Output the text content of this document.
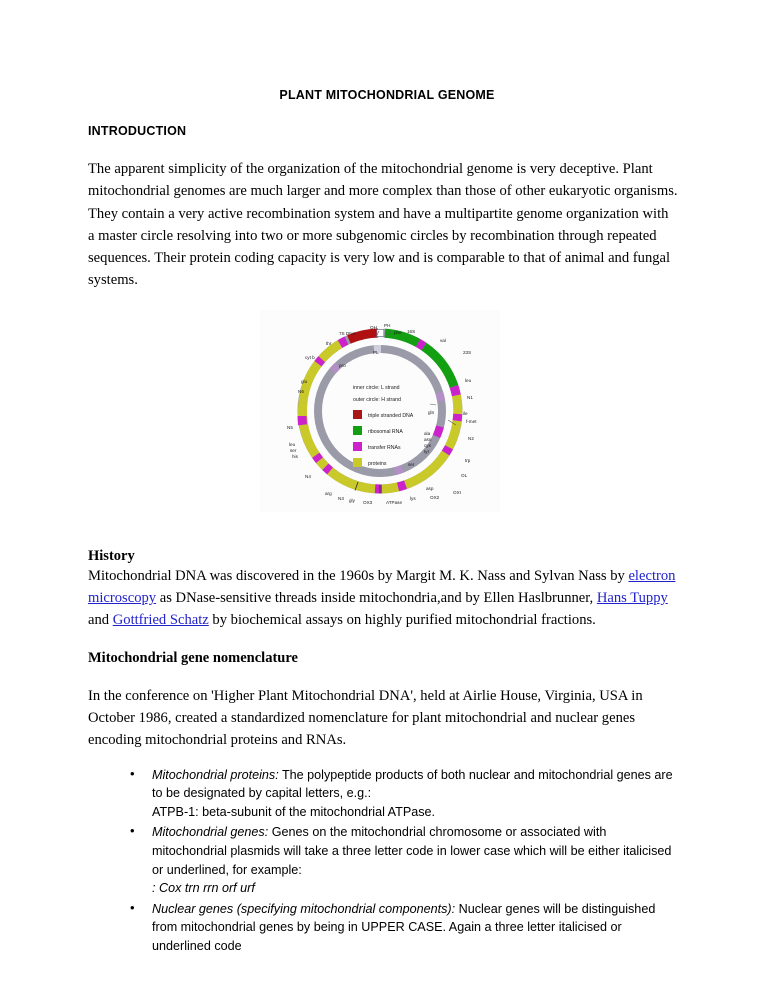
PLANT MITOCHONDRIAL GENOME
INTRODUCTION

The apparent simplicity of the organization of the mitochondrial genome is very deceptive. Plant mitochondrial genomes are much larger and more complex than those of other eukaryotic organisms. They contain a very active recombination system and have a multipartite genome organization with a master circle resolving into two or more subgenomic circles by recombination through repeated sequences. Their protein coding capacity is very low and is comparable to that of animal and fungal systems.

OH PH
7S DNA	phe 16S
val
23S
leu
N1
ile
f-met
N2
trp
OL
OXI
asp
OX2
lys
ATPase
OX3
gly
N3
arg
N4
his
ser
leu
N5
N6
glu
cyt b
thr
PL
pro
gln
ala
asn
cys
tyr
ser
inner circle: L strand
outer circle: H strand
triple stranded DNA
ribosomal RNA
transfer RNAs
proteins
History

Mitochondrial DNA was discovered in the 1960s by Margit M. K. Nass and Sylvan Nass by electron microscopy as DNase-sensitive threads inside mitochondria,and by Ellen Haslbrunner, Hans Tuppy and Gottfried Schatz by biochemical assays on highly purified mitochondrial fractions.

Mitochondrial gene nomenclature

In the conference on 'Higher Plant Mitochondrial DNA', held at Airlie House, Virginia, USA in October 1986, created a standardized nomenclature for plant mitochondrial and nuclear genes encoding mitochondrial proteins and RNAs.

• Mitochondrial proteins: The polypeptide products of both nuclear and mitochondrial genes are to be designated by capital letters, e.g.:
ATPB-1: beta-subunit of the mitochondrial ATPase.
• Mitochondrial genes: Genes on the mitochondrial chromosome or associated with mitochondrial plasmids will take a three letter code in lower case which will be either italicised or underlined, for example:
: Cox trn rrn orf urf
• Nuclear genes (specifying mitochondrial components): Nuclear genes will be distinguished from mitochondrial genes by being in UPPER CASE. Again a three letter italicised or underlined code
